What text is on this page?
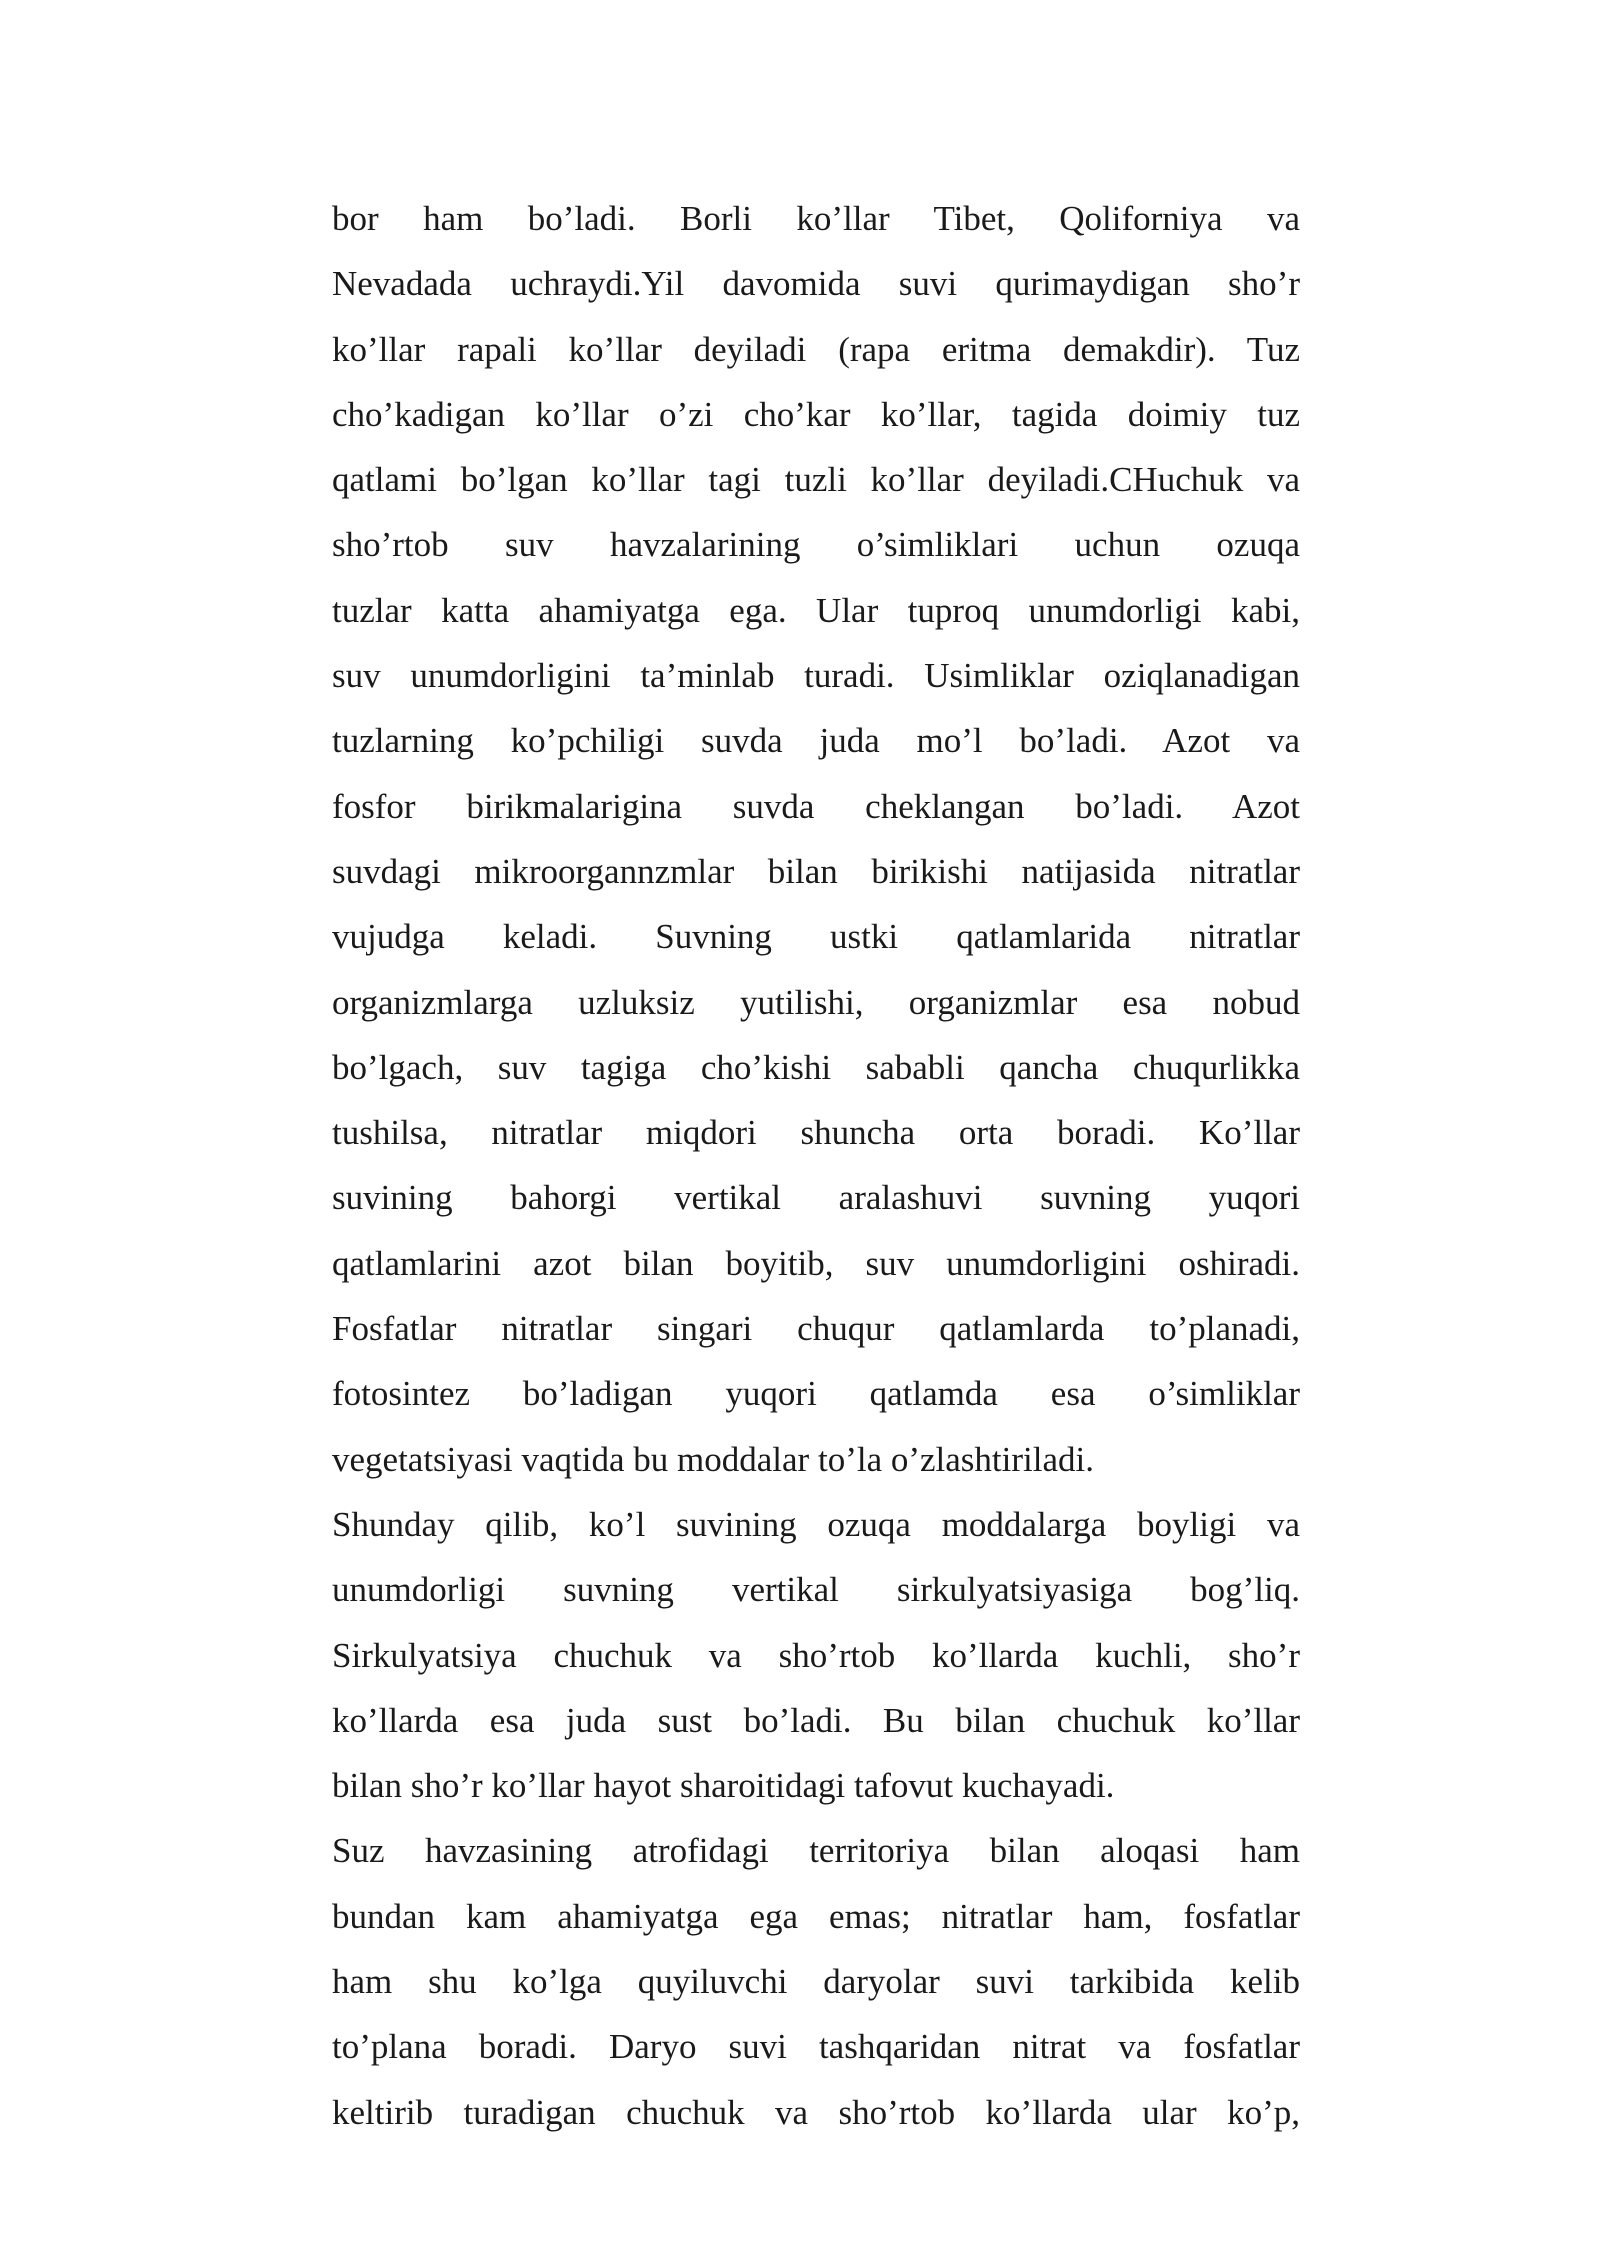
bor ham bo’ladi. Borli ko’llar Tibet, Qoliforniya va
Nevadada uchraydi.Yil davomida suvi qurimaydigan sho’r
ko’llar rapali ko’llar deyiladi (rapa eritma demakdir). Tuz
cho’kadigan ko’llar o’zi cho’kar ko’llar, tagida doimiy tuz
qatlami bo’lgan ko’llar tagi tuzli ko’llar deyiladi.CHuchuk va
sho’rtob suv havzalarining o’simliklari uchun ozuqa
tuzlar katta ahamiyatga ega. Ular tuproq unumdorligi kabi,
suv unumdorligini ta’minlab turadi. Usimliklar oziqlanadigan
tuzlarning ko’pchiligi suvda juda mo’l bo’ladi. Azot va
fosfor birikmalarigina suvda cheklangan bo’ladi. Azot
suvdagi mikroorgannzmlar bilan birikishi natijasida nitratlar
vujudga keladi. Suvning ustki qatlamlarida nitratlar
organizmlarga uzluksiz yutilishi, organizmlar esa nobud
bo’lgach, suv tagiga cho’kishi sababli qancha chuqurlikka
tushilsa, nitratlar miqdori shuncha orta boradi. Ko’llar
suvining bahorgi vertikal aralashuvi suvning yuqori
qatlamlarini azot bilan boyitib, suv unumdorligini oshiradi.
Fosfatlar nitratlar singari chuqur qatlamlarda to’planadi,
fotosintez bo’ladigan yuqori qatlamda esa o’simliklar
vegetatsiyasi vaqtida bu moddalar to’la o’zlashtiriladi.
Shunday qilib, ko’l suvining ozuqa moddalarga boyligi va
unumdorligi suvning vertikal sirkulyatsiyasiga bog’liq.
Sirkulyatsiya chuchuk va sho’rtob ko’llarda kuchli, sho’r
ko’llarda esa juda sust bo’ladi. Bu bilan chuchuk ko’llar
bilan sho’r ko’llar hayot sharoitidagi tafovut kuchayadi.
Suz havzasining atrofidagi territoriya bilan aloqasi ham
bundan kam ahamiyatga ega emas; nitratlar ham, fosfatlar
ham shu ko’lga quyiluvchi daryolar suvi tarkibida kelib
to’plana boradi. Daryo suvi tashqaridan nitrat va fosfatlar
keltirib turadigan chuchuk va sho’rtob ko’llarda ular ko’p,
